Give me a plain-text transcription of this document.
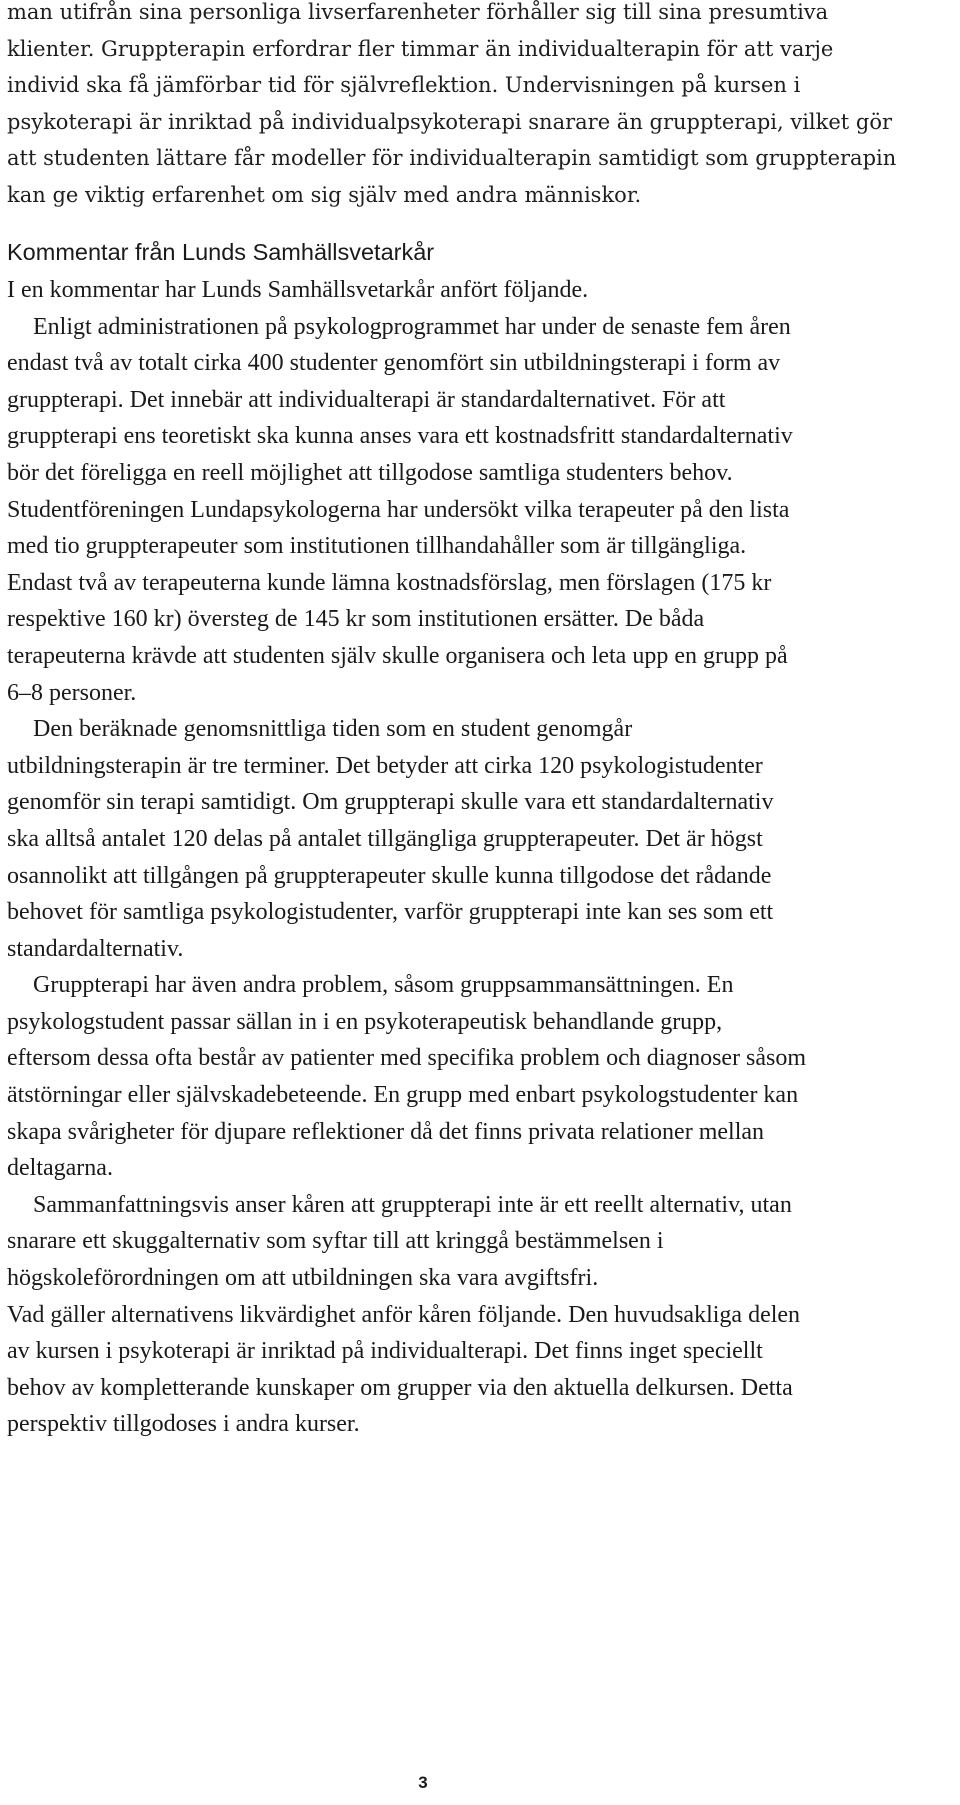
man utifrån sina personliga livserfarenheter förhåller sig till sina presumtiva
klienter. Gruppterapin erfordrar fler timmar än individualterapin för att varje
individ ska få jämförbar tid för självreflektion. Undervisningen på kursen i
psykoterapi är inriktad på individualpsykoterapi snarare än gruppterapi, vilket gör
att studenten lättare får modeller för individualterapin samtidigt som gruppterapin
kan ge viktig erfarenhet om sig själv med andra människor.
Kommentar från Lunds Samhällsvetarkår
I en kommentar har Lunds Samhällsvetarkår anfört följande.
Enligt administrationen på psykologprogrammet har under de senaste fem åren
endast två av totalt cirka 400 studenter genomfört sin utbildningsterapi i form av
gruppterapi. Det innebär att individualterapi är standardalternativet. För att
gruppterapi ens teoretiskt ska kunna anses vara ett kostnadsfritt standardalternativ
bör det föreligga en reell möjlighet att tillgodose samtliga studenters behov.
Studentföreningen Lundapsykologerna har undersökt vilka terapeuter på den lista
med tio gruppterapeuter som institutionen tillhandahåller som är tillgängliga.
Endast två av terapeuterna kunde lämna kostnadsförslag, men förslagen (175 kr
respektive 160 kr) översteg de 145 kr som institutionen ersätter. De båda
terapeuterna krävde att studenten själv skulle organisera och leta upp en grupp på
6–8 personer.
Den beräknade genomsnittliga tiden som en student genomgår
utbildningsterapin är tre terminer. Det betyder att cirka 120 psykologistudenter
genomför sin terapi samtidigt. Om gruppterapi skulle vara ett standardalternativ
ska alltså antalet 120 delas på antalet tillgängliga gruppterapeuter. Det är högst
osannolikt att tillgången på gruppterapeuter skulle kunna tillgodose det rådande
behovet för samtliga psykologistudenter, varför gruppterapi inte kan ses som ett
standardalternativ.
Gruppterapi har även andra problem, såsom gruppsammansättningen. En
psykologstudent passar sällan in i en psykoterapeutisk behandlande grupp,
eftersom dessa ofta består av patienter med specifika problem och diagnoser såsom
ätstörningar eller självskadebeteende. En grupp med enbart psykologstudenter kan
skapa svårigheter för djupare reflektioner då det finns privata relationer mellan
deltagarna.
Sammanfattningsvis anser kåren att gruppterapi inte är ett reellt alternativ, utan
snarare ett skuggalternativ som syftar till att kringgå bestämmelsen i
högskoleförordningen om att utbildningen ska vara avgiftsfri.
Vad gäller alternativens likvärdighet anför kåren följande. Den huvudsakliga delen
av kursen i psykoterapi är inriktad på individualterapi. Det finns inget speciellt
behov av kompletterande kunskaper om grupper via den aktuella delkursen. Detta
perspektiv tillgodoses i andra kurser.
3
